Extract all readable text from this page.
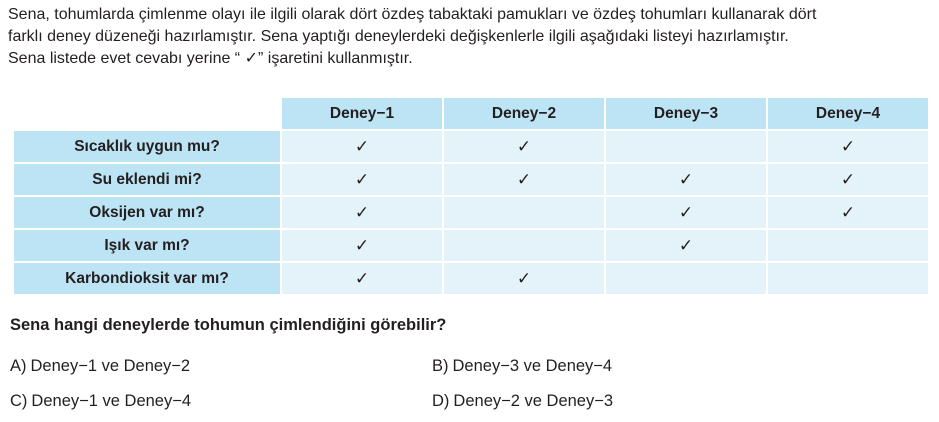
Sena, tohumlarda çimlenme olayı ile ilgili olarak dört özdeş tabaktaki pamukları ve özdeş tohumları kullanarak dört

farklı deney düzeneği hazırlamıştır. Sena yaptığı deneylerdeki değişkenlerle ilgili aşağıdaki listeyi hazırlamıştır.

Sena listede evet cevabı yerine “ ✓” işaretini kullanmıştır.

	Deney−1	Deney−2	Deney−3	Deney−4
Sıcaklık uygun mu?	✓	✓		✓
Su eklendi mi?	✓	✓	✓	✓
Oksijen var mı?	✓		✓	✓
Işık var mı?	✓		✓	
Karbondioksit var mı?	✓	✓		
Sena hangi deneylerde tohumun çimlendiğini görebilir?
A) Deney−1 ve Deney−2	B) Deney−3 ve Deney−4
C) Deney−1 ve Deney−4	D) Deney−2 ve Deney−3
